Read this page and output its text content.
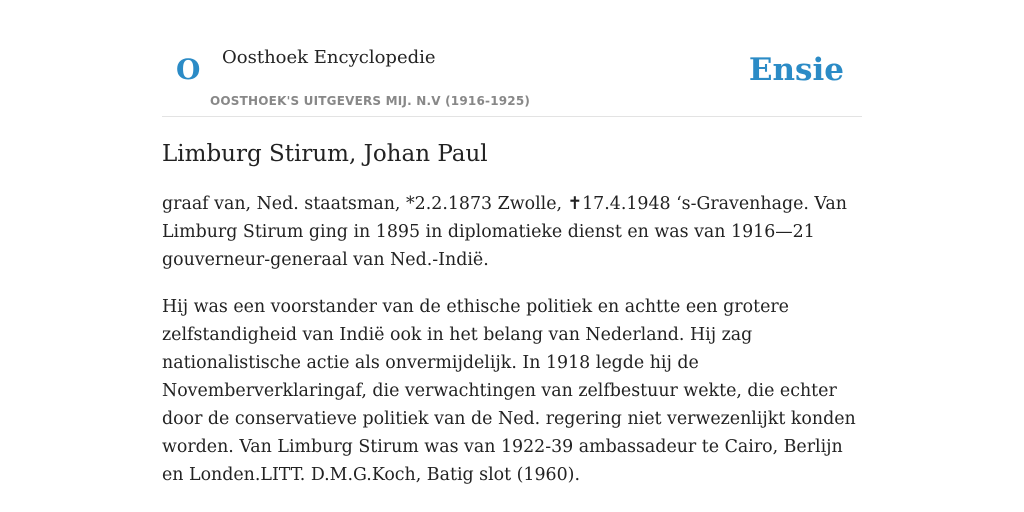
O Oosthoek Encyclopedie
OOSTHOEK'S UITGEVERS MIJ. N.V (1916-1925)
Ensie
Limburg Stirum, Johan Paul

graaf van, Ned. staatsman, *2.2.1873 Zwolle, ✝17.4.1948 ‘s-Gravenhage. Van Limburg Stirum ging in 1895 in diplomatieke dienst en was van 1916—21 gouverneur-generaal van Ned.-Indië.

Hij was een voorstander van de ethische politiek en achtte een grotere zelfstandigheid van Indië ook in het belang van Nederland. Hij zag nationalistische actie als onvermijdelijk. In 1918 legde hij de Novemberverklaringaf, die verwachtingen van zelfbestuur wekte, die echter door de conservatieve politiek van de Ned. regering niet verwezenlijkt konden worden. Van Limburg Stirum was van 1922-39 ambassadeur te Cairo, Berlijn en Londen.LITT. D.M.G.Koch, Batig slot (1960).
